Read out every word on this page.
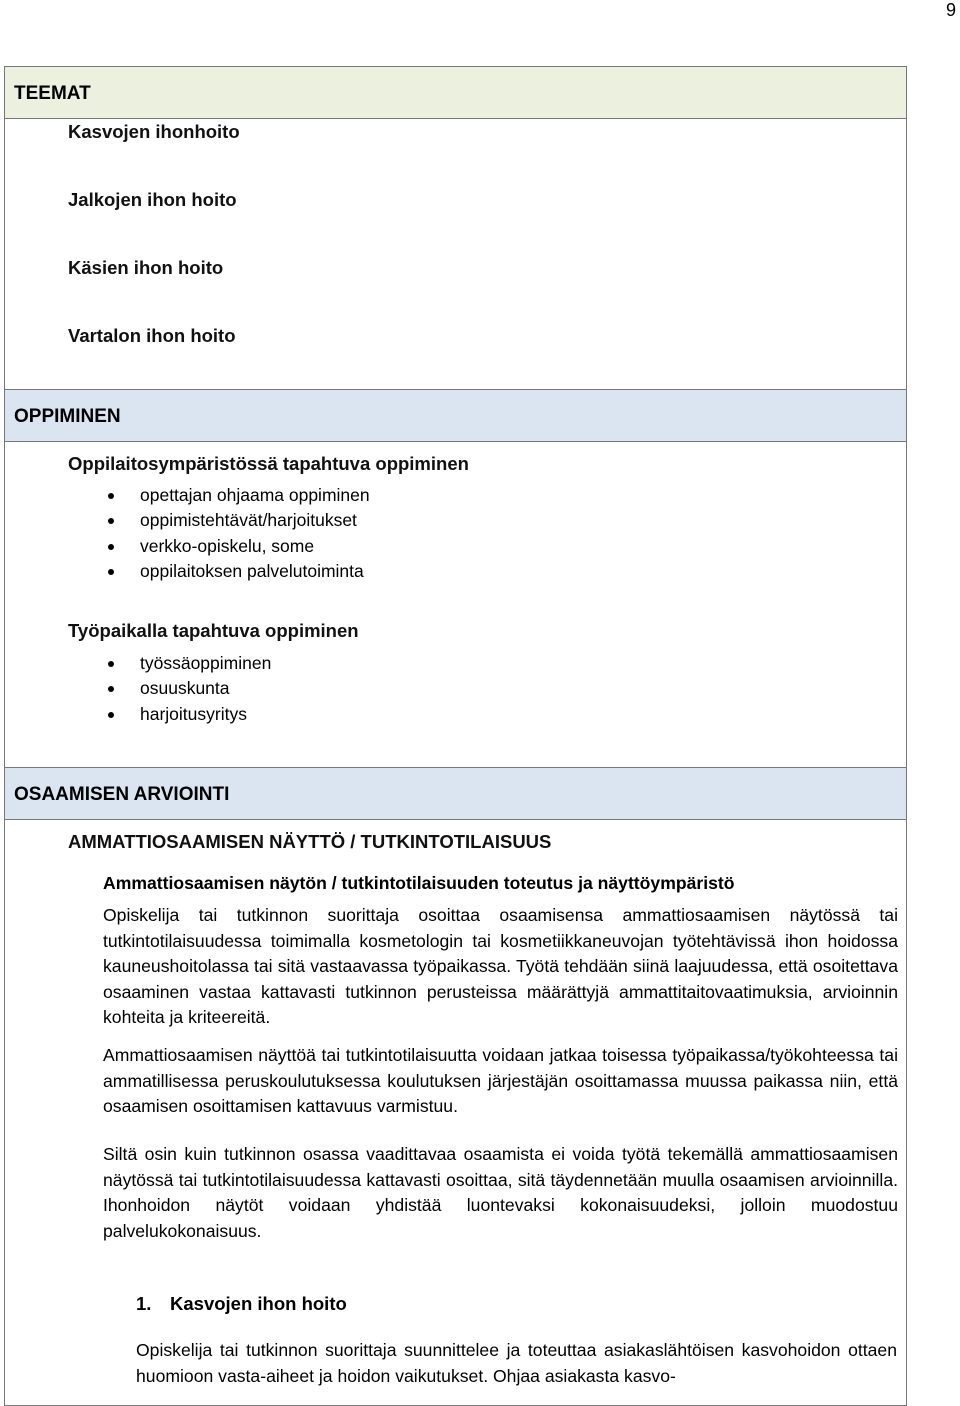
9
TEEMAT
Kasvojen ihonhoito
Jalkojen ihon hoito
Käsien ihon hoito
Vartalon ihon hoito
OPPIMINEN
Oppilaitosympäristössä tapahtuva oppiminen
opettajan ohjaama oppiminen
oppimistehtävät/harjoitukset
verkko-opiskelu, some
oppilaitoksen palvelutoiminta
Työpaikalla tapahtuva oppiminen
työssäoppiminen
osuuskunta
harjoitusyritys
OSAAMISEN ARVIOINTI
AMMATTIOSAAMISEN NÄYTTÖ / TUTKINTOTILAISUUS
Ammattiosaamisen näytön / tutkintotilaisuuden toteutus ja näyttöympäristö

Opiskelija tai tutkinnon suorittaja osoittaa osaamisensa ammattiosaamisen näytössä tai tutkintotilaisuudessa toimimalla kosmetologin tai kosmetiikkaneuvojan työtehtävissä ihon hoidossa kauneushoitolassa tai sitä vastaavassa työpaikassa. Työtä tehdään siinä laajuudessa, että osoitettava osaaminen vastaa kattavasti tutkinnon perusteissa määrättyjä ammattitaitovaatimuksia, arvioinnin kohteita ja kriteereitä.

Ammattiosaamisen näyttöä tai tutkintotilaisuutta voidaan jatkaa toisessa työpaikassa/työkohteessa tai ammatillisessa peruskoulutuksessa koulutuksen järjestäjän osoittamassa muussa paikassa niin, että osaamisen osoittamisen kattavuus varmistuu.

Siltä osin kuin tutkinnon osassa vaadittavaa osaamista ei voida työtä tekemällä ammattiosaamisen näytössä tai tutkintotilaisuudessa kattavasti osoittaa, sitä täydennetään muulla osaamisen arvioinnilla. Ihonhoidon näytöt voidaan yhdistää luontevaksi kokonaisuudeksi, jolloin muodostuu palvelukokonaisuus.

1. Kasvojen ihon hoito

Opiskelija tai tutkinnon suorittaja suunnittelee ja toteuttaa asiakaslähtöisen kasvohoidon ottaen huomioon vasta-aiheet ja hoidon vaikutukset. Ohjaa asiakasta kasvo-
